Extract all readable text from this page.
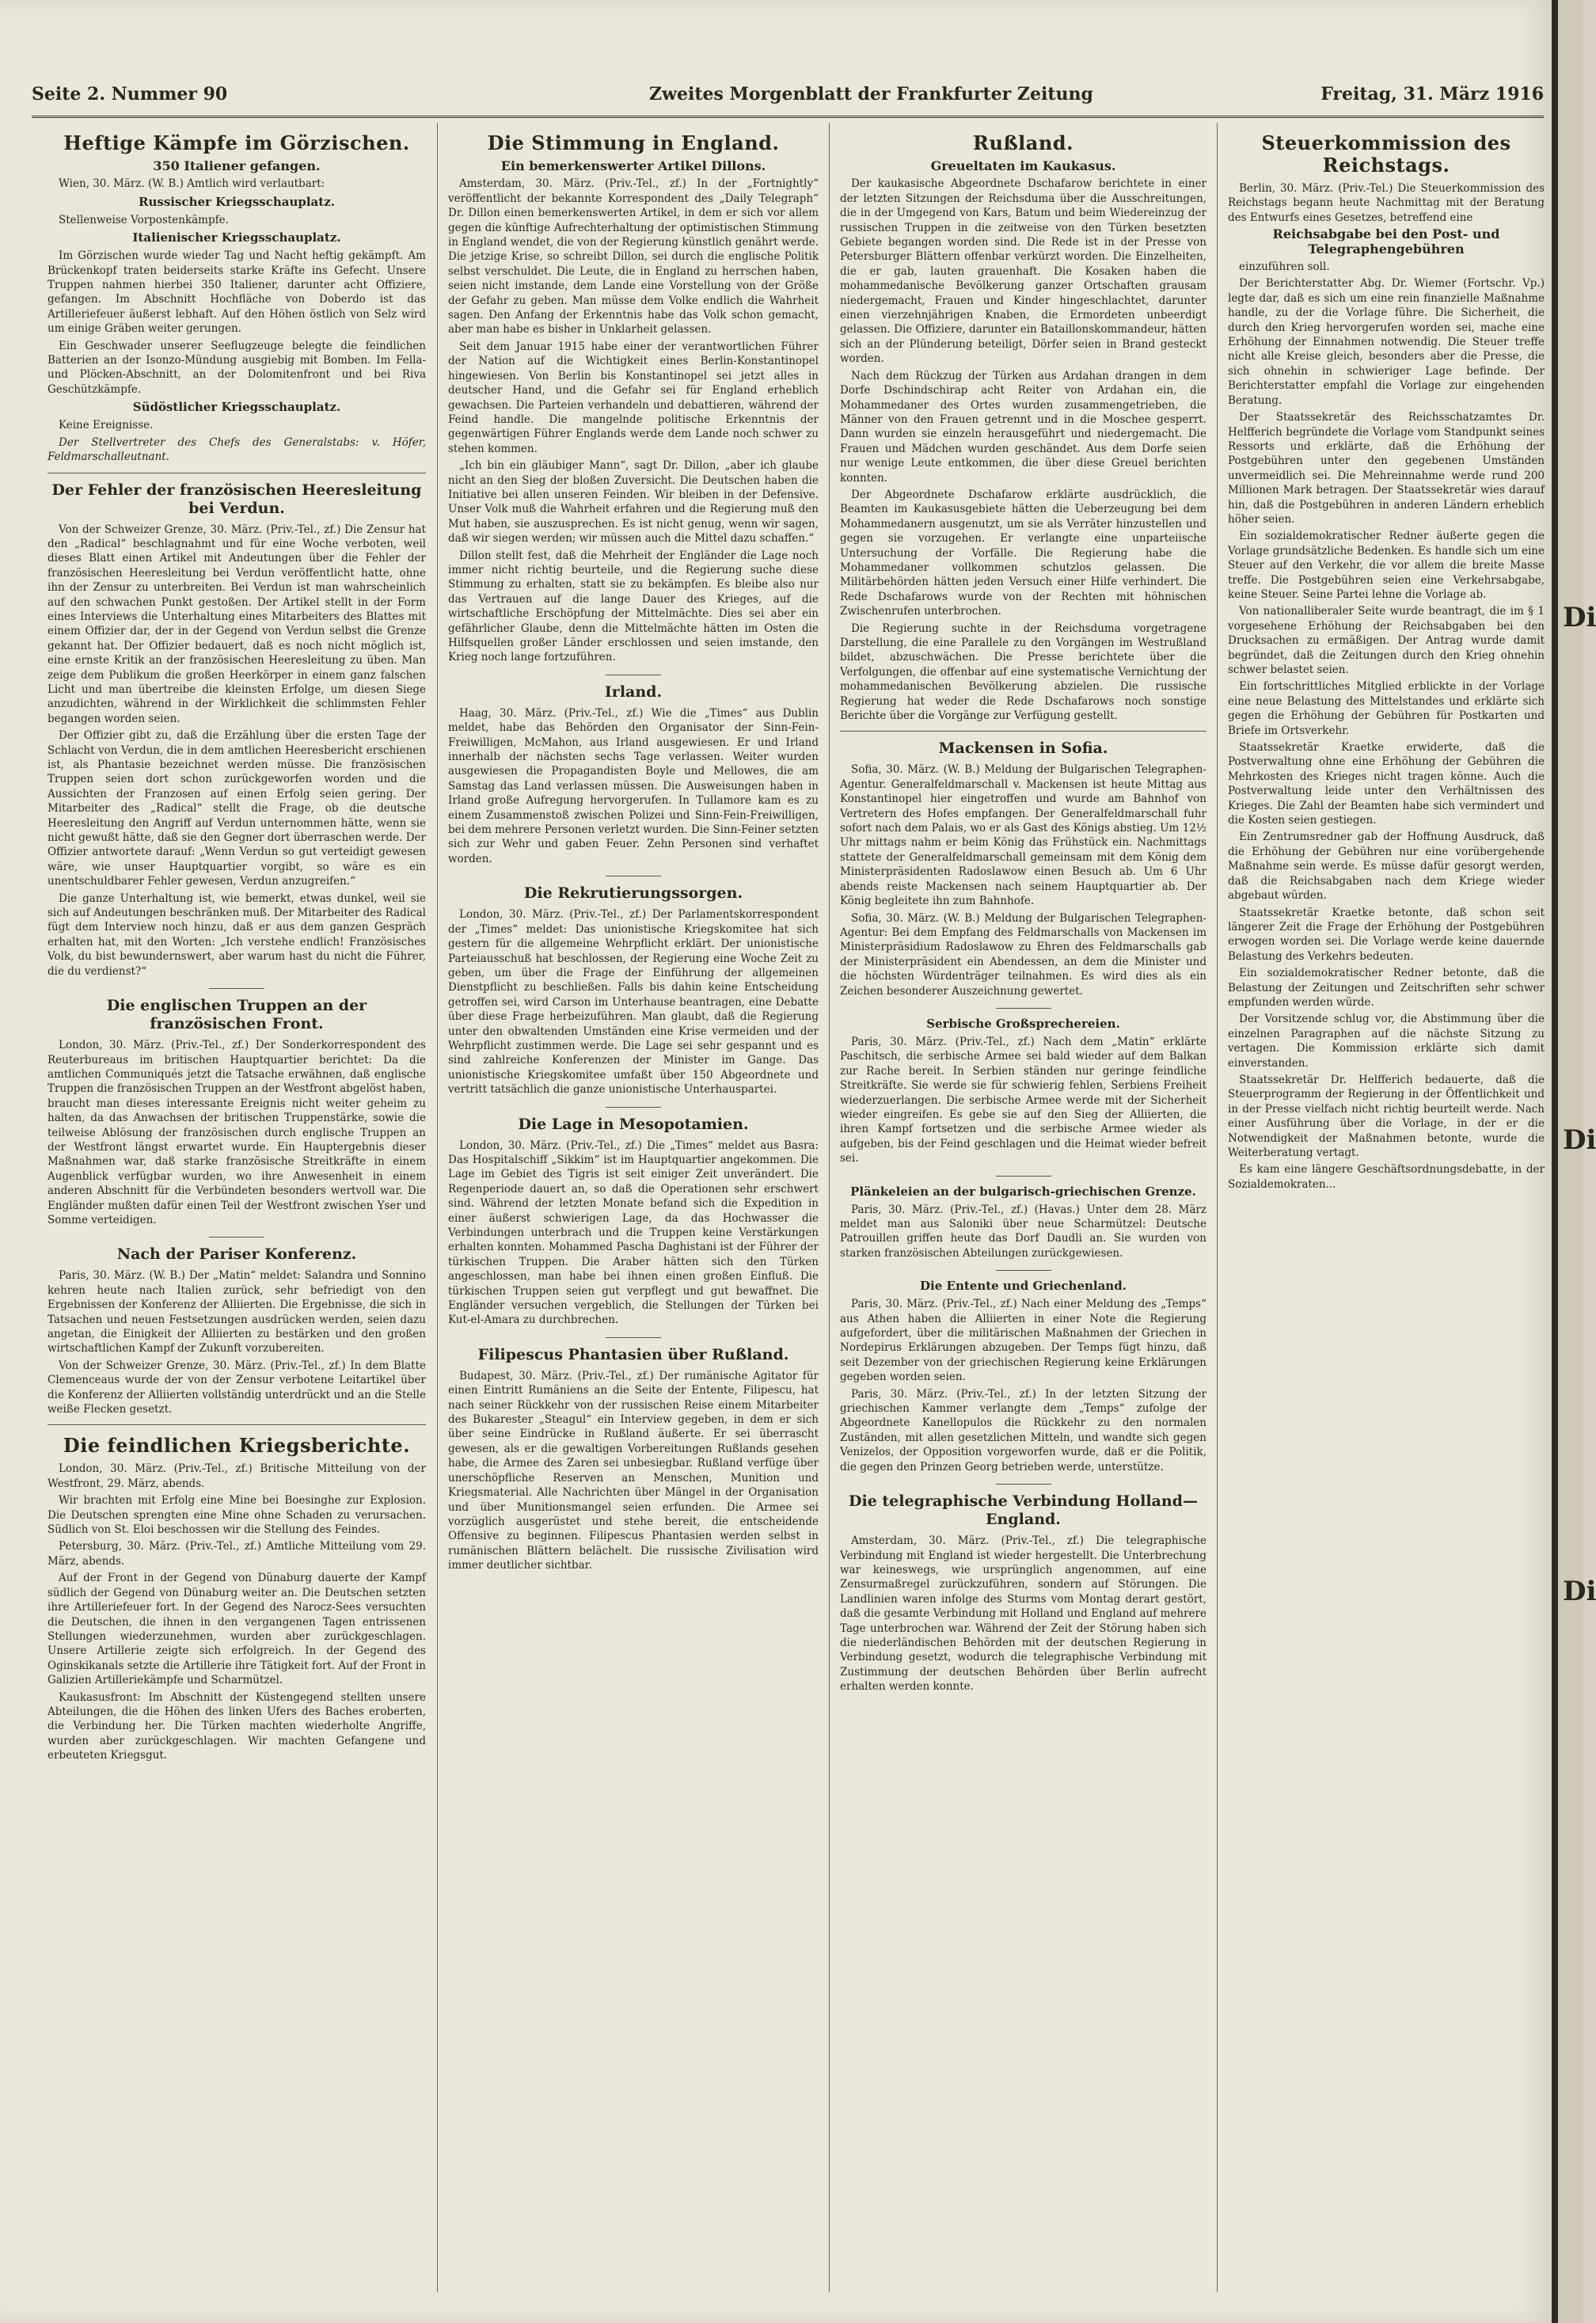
Seite 2. Nummer 90	Zweites Morgenblatt der Frankfurter Zeitung	Freitag, 31. März 1916
Heftige Kämpfe im Görzischen.
350 Italiener gefangen.

Wien, 30. März. (W. B.) Amtlich wird verlautbart:

Russischer Kriegsschauplatz.

Stellenweise Vorpostenkämpfe.

Italienischer Kriegsschauplatz.

Im Görzischen wurde wieder Tag und Nacht heftig gekämpft. Am Brückenkopf traten beiderseits starke Kräfte ins Gefecht. Unsere Truppen nahmen hierbei 350 Italiener, darunter acht Offiziere, gefangen. Im Abschnitt Hochfläche von Doberdo ist das Artilleriefeuer äußerst lebhaft. Auf den Höhen östlich von Selz wird um einige Gräben weiter gerungen.

Ein Geschwader unserer Seeflugzeuge belegte die feindlichen Batterien an der Isonzo-Mündung ausgiebig mit Bomben. Im Fella- und Plöcken-Abschnitt, an der Dolomitenfront und bei Riva Geschützkämpfe.

Südöstlicher Kriegsschauplatz.

Keine Ereignisse.

Der Stellvertreter des Chefs des Generalstabs: v. Höfer, Feldmarschalleutnant.

Der Fehler der französischen Heeresleitung bei Verdun.

Von der Schweizer Grenze, 30. März. (Priv.-Tel., zf.) Die Zensur hat den „Radical“ beschlagnahmt und für eine Woche verboten, weil dieses Blatt einen Artikel mit Andeutungen über die Fehler der französischen Heeresleitung bei Verdun veröffentlicht hatte, ohne ihn der Zensur zu unterbreiten. Bei Verdun ist man wahrscheinlich auf den schwachen Punkt gestoßen. Der Artikel stellt in der Form eines Interviews die Unterhaltung eines Mitarbeiters des Blattes mit einem Offizier dar, der in der Gegend von Verdun selbst die Grenze gekannt hat. Der Offizier bedauert, daß es noch nicht möglich ist, eine ernste Kritik an der französischen Heeresleitung zu üben. Man zeige dem Publikum die großen Heerkörper in einem ganz falschen Licht und man übertreibe die kleinsten Erfolge, um diesen Siege anzudichten, während in der Wirklichkeit die schlimmsten Fehler begangen worden seien.

Der Offizier gibt zu, daß die Erzählung über die ersten Tage der Schlacht von Verdun, die in dem amtlichen Heeresbericht erschienen ist, als Phantasie bezeichnet werden müsse. Die französischen Truppen seien dort schon zurückgeworfen worden und die Aussichten der Franzosen auf einen Erfolg seien gering. Der Mitarbeiter des „Radical“ stellt die Frage, ob die deutsche Heeresleitung den Angriff auf Verdun unternommen hätte, wenn sie nicht gewußt hätte, daß sie den Gegner dort überraschen werde. Der Offizier antwortete darauf: „Wenn Verdun so gut verteidigt gewesen wäre, wie unser Hauptquartier vorgibt, so wäre es ein unentschuldbarer Fehler gewesen, Verdun anzugreifen.“

Die ganze Unterhaltung ist, wie bemerkt, etwas dunkel, weil sie sich auf Andeutungen beschränken muß. Der Mitarbeiter des Radical fügt dem Interview noch hinzu, daß er aus dem ganzen Gespräch erhalten hat, mit den Worten: „Ich verstehe endlich! Französisches Volk, du bist bewundernswert, aber warum hast du nicht die Führer, die du verdienst?“

Die englischen Truppen an der französischen Front.

London, 30. März. (Priv.-Tel., zf.) Der Sonderkorrespondent des Reuterbureaus im britischen Hauptquartier berichtet: Da die amtlichen Communiqués jetzt die Tatsache erwähnen, daß englische Truppen die französischen Truppen an der Westfront abgelöst haben, braucht man dieses interessante Ereignis nicht weiter geheim zu halten, da das Anwachsen der britischen Truppenstärke, sowie die teilweise Ablösung der französischen durch englische Truppen an der Westfront längst erwartet wurde. Ein Hauptergebnis dieser Maßnahmen war, daß starke französische Streitkräfte in einem Augenblick verfügbar wurden, wo ihre Anwesenheit in einem anderen Abschnitt für die Verbündeten besonders wertvoll war. Die Engländer mußten dafür einen Teil der Westfront zwischen Yser und Somme verteidigen.

Nach der Pariser Konferenz.

Paris, 30. März. (W. B.) Der „Matin“ meldet: Salandra und Sonnino kehren heute nach Italien zurück, sehr befriedigt von den Ergebnissen der Konferenz der Alliierten. Die Ergebnisse, die sich in Tatsachen und neuen Festsetzungen ausdrücken werden, seien dazu angetan, die Einigkeit der Alliierten zu bestärken und den großen wirtschaftlichen Kampf der Zukunft vorzubereiten.

Von der Schweizer Grenze, 30. März. (Priv.-Tel., zf.) In dem Blatte Clemenceaus wurde der von der Zensur verbotene Leitartikel über die Konferenz der Alliierten vollständig unterdrückt und an die Stelle weiße Flecken gesetzt.

Die feindlichen Kriegsberichte.

London, 30. März. (Priv.-Tel., zf.) Britische Mitteilung von der Westfront, 29. März, abends.

Wir brachten mit Erfolg eine Mine bei Boesinghe zur Explosion. Die Deutschen sprengten eine Mine ohne Schaden zu verursachen. Südlich von St. Eloi beschossen wir die Stellung des Feindes.

Petersburg, 30. März. (Priv.-Tel., zf.) Amtliche Mitteilung vom 29. März, abends.

Auf der Front in der Gegend von Dünaburg dauerte der Kampf südlich der Gegend von Dünaburg weiter an. Die Deutschen setzten ihre Artilleriefeuer fort. In der Gegend des Narocz-Sees versuchten die Deutschen, die ihnen in den vergangenen Tagen entrissenen Stellungen wiederzunehmen, wurden aber zurückgeschlagen. Unsere Artillerie zeigte sich erfolgreich. In der Gegend des Oginskikanals setzte die Artillerie ihre Tätigkeit fort. Auf der Front in Galizien Artilleriekämpfe und Scharmützel.

Kaukasusfront: Im Abschnitt der Küstengegend stellten unsere Abteilungen, die die Höhen des linken Ufers des Baches eroberten, die Verbindung her. Die Türken machten wiederholte Angriffe, wurden aber zurückgeschlagen. Wir machten Gefangene und erbeuteten Kriegsgut.

Die Stimmung in England.
Ein bemerkenswerter Artikel Dillons.

Amsterdam, 30. März. (Priv.-Tel., zf.) In der „Fortnightly“ veröffentlicht der bekannte Korrespondent des „Daily Telegraph“ Dr. Dillon einen bemerkenswerten Artikel, in dem er sich vor allem gegen die künftige Aufrechterhaltung der optimistischen Stimmung in England wendet, die von der Regierung künstlich genährt werde. Die jetzige Krise, so schreibt Dillon, sei durch die englische Politik selbst verschuldet. Die Leute, die in England zu herrschen haben, seien nicht imstande, dem Lande eine Vorstellung von der Größe der Gefahr zu geben. Man müsse dem Volke endlich die Wahrheit sagen. Den Anfang der Erkenntnis habe das Volk schon gemacht, aber man habe es bisher in Unklarheit gelassen.

Seit dem Januar 1915 habe einer der verantwortlichen Führer der Nation auf die Wichtigkeit eines Berlin-Konstantinopel hingewiesen. Von Berlin bis Konstantinopel sei jetzt alles in deutscher Hand, und die Gefahr sei für England erheblich gewachsen. Die Parteien verhandeln und debattieren, während der Feind handle. Die mangelnde politische Erkenntnis der gegenwärtigen Führer Englands werde dem Lande noch schwer zu stehen kommen.

„Ich bin ein gläubiger Mann“, sagt Dr. Dillon, „aber ich glaube nicht an den Sieg der bloßen Zuversicht. Die Deutschen haben die Initiative bei allen unseren Feinden. Wir bleiben in der Defensive. Unser Volk muß die Wahrheit erfahren und die Regierung muß den Mut haben, sie auszusprechen. Es ist nicht genug, wenn wir sagen, daß wir siegen werden; wir müssen auch die Mittel dazu schaffen.“

Dillon stellt fest, daß die Mehrheit der Engländer die Lage noch immer nicht richtig beurteile, und die Regierung suche diese Stimmung zu erhalten, statt sie zu bekämpfen. Es bleibe also nur das Vertrauen auf die lange Dauer des Krieges, auf die wirtschaftliche Erschöpfung der Mittelmächte. Dies sei aber ein gefährlicher Glaube, denn die Mittelmächte hätten im Osten die Hilfsquellen großer Länder erschlossen und seien imstande, den Krieg noch lange fortzuführen.

Irland.

Haag, 30. März. (Priv.-Tel., zf.) Wie die „Times“ aus Dublin meldet, habe das Behörden den Organisator der Sinn-Fein-Freiwilligen, McMahon, aus Irland ausgewiesen. Er und Irland innerhalb der nächsten sechs Tage verlassen. Weiter wurden ausgewiesen die Propagandisten Boyle und Mellowes, die am Samstag das Land verlassen müssen. Die Ausweisungen haben in Irland große Aufregung hervorgerufen. In Tullamore kam es zu einem Zusammenstoß zwischen Polizei und Sinn-Fein-Freiwilligen, bei dem mehrere Personen verletzt wurden. Die Sinn-Feiner setzten sich zur Wehr und gaben Feuer. Zehn Personen sind verhaftet worden.

Die Rekrutierungssorgen.

London, 30. März. (Priv.-Tel., zf.) Der Parlamentskorrespondent der „Times“ meldet: Das unionistische Kriegskomitee hat sich gestern für die allgemeine Wehrpflicht erklärt. Der unionistische Parteiausschuß hat beschlossen, der Regierung eine Woche Zeit zu geben, um über die Frage der Einführung der allgemeinen Dienstpflicht zu beschließen. Falls bis dahin keine Entscheidung getroffen sei, wird Carson im Unterhause beantragen, eine Debatte über diese Frage herbeizuführen. Man glaubt, daß die Regierung unter den obwaltenden Umständen eine Krise vermeiden und der Wehrpflicht zustimmen werde. Die Lage sei sehr gespannt und es sind zahlreiche Konferenzen der Minister im Gange. Das unionistische Kriegskomitee umfaßt über 150 Abgeordnete und vertritt tatsächlich die ganze unionistische Unterhauspartei.

Die Lage in Mesopotamien.

London, 30. März. (Priv.-Tel., zf.) Die „Times“ meldet aus Basra: Das Hospitalschiff „Sikkim“ ist im Hauptquartier angekommen. Die Lage im Gebiet des Tigris ist seit einiger Zeit unverändert. Die Regenperiode dauert an, so daß die Operationen sehr erschwert sind. Während der letzten Monate befand sich die Expedition in einer äußerst schwierigen Lage, da das Hochwasser die Verbindungen unterbrach und die Truppen keine Verstärkungen erhalten konnten. Mohammed Pascha Daghistani ist der Führer der türkischen Truppen. Die Araber hätten sich den Türken angeschlossen, man habe bei ihnen einen großen Einfluß. Die türkischen Truppen seien gut verpflegt und gut bewaffnet. Die Engländer versuchen vergeblich, die Stellungen der Türken bei Kut-el-Amara zu durchbrechen.

Filipescus Phantasien über Rußland.

Budapest, 30. März. (Priv.-Tel., zf.) Der rumänische Agitator für einen Eintritt Rumäniens an die Seite der Entente, Filipescu, hat nach seiner Rückkehr von der russischen Reise einem Mitarbeiter des Bukarester „Steagul“ ein Interview gegeben, in dem er sich über seine Eindrücke in Rußland äußerte. Er sei überrascht gewesen, als er die gewaltigen Vorbereitungen Rußlands gesehen habe, die Armee des Zaren sei unbesiegbar. Rußland verfüge über unerschöpfliche Reserven an Menschen, Munition und Kriegsmaterial. Alle Nachrichten über Mängel in der Organisation und über Munitionsmangel seien erfunden. Die Armee sei vorzüglich ausgerüstet und stehe bereit, die entscheidende Offensive zu beginnen. Filipescus Phantasien werden selbst in rumänischen Blättern belächelt. Die russische Zivilisation wird immer deutlicher sichtbar.

Rußland.
Greueltaten im Kaukasus.

Der kaukasische Abgeordnete Dschafarow berichtete in einer der letzten Sitzungen der Reichsduma über die Ausschreitungen, die in der Umgegend von Kars, Batum und beim Wiedereinzug der russischen Truppen in die zeitweise von den Türken besetzten Gebiete begangen worden sind. Die Rede ist in der Presse von Petersburger Blättern offenbar verkürzt worden. Die Einzelheiten, die er gab, lauten grauenhaft. Die Kosaken haben die mohammedanische Bevölkerung ganzer Ortschaften grausam niedergemacht, Frauen und Kinder hingeschlachtet, darunter einen vierzehnjährigen Knaben, die Ermordeten unbeerdigt gelassen. Die Offiziere, darunter ein Bataillonskommandeur, hätten sich an der Plünderung beteiligt, Dörfer seien in Brand gesteckt worden.

Nach dem Rückzug der Türken aus Ardahan drangen in dem Dorfe Dschindschirap acht Reiter von Ardahan ein, die Mohammedaner des Ortes wurden zusammengetrieben, die Männer von den Frauen getrennt und in die Moschee gesperrt. Dann wurden sie einzeln herausgeführt und niedergemacht. Die Frauen und Mädchen wurden geschändet. Aus dem Dorfe seien nur wenige Leute entkommen, die über diese Greuel berichten konnten.

Der Abgeordnete Dschafarow erklärte ausdrücklich, die Beamten im Kaukasusgebiete hätten die Ueberzeugung bei dem Mohammedanern ausgenutzt, um sie als Verräter hinzustellen und gegen sie vorzugehen. Er verlangte eine unparteiische Untersuchung der Vorfälle. Die Regierung habe die Mohammedaner vollkommen schutzlos gelassen. Die Militärbehörden hätten jeden Versuch einer Hilfe verhindert. Die Rede Dschafarows wurde von der Rechten mit höhnischen Zwischenrufen unterbrochen.

Die Regierung suchte in der Reichsduma vorgetragene Darstellung, die eine Parallele zu den Vorgängen im Westrußland bildet, abzuschwächen. Die Presse berichtete über die Verfolgungen, die offenbar auf eine systematische Vernichtung der mohammedanischen Bevölkerung abzielen. Die russische Regierung hat weder die Rede Dschafarows noch sonstige Berichte über die Vorgänge zur Verfügung gestellt.

Mackensen in Sofia.

Sofia, 30. März. (W. B.) Meldung der Bulgarischen Telegraphen-Agentur. Generalfeldmarschall v. Mackensen ist heute Mittag aus Konstantinopel hier eingetroffen und wurde am Bahnhof von Vertretern des Hofes empfangen. Der Generalfeldmarschall fuhr sofort nach dem Palais, wo er als Gast des Königs abstieg. Um 12½ Uhr mittags nahm er beim König das Frühstück ein. Nachmittags stattete der Generalfeldmarschall gemeinsam mit dem König dem Ministerpräsidenten Radoslawow einen Besuch ab. Um 6 Uhr abends reiste Mackensen nach seinem Hauptquartier ab. Der König begleitete ihn zum Bahnhofe.

Sofia, 30. März. (W. B.) Meldung der Bulgarischen Telegraphen-Agentur: Bei dem Empfang des Feldmarschalls von Mackensen im Ministerpräsidium Radoslawow zu Ehren des Feldmarschalls gab der Ministerpräsident ein Abendessen, an dem die Minister und die höchsten Würdenträger teilnahmen. Es wird dies als ein Zeichen besonderer Auszeichnung gewertet.

Serbische Großsprechereien.

Paris, 30. März. (Priv.-Tel., zf.) Nach dem „Matin“ erklärte Paschitsch, die serbische Armee sei bald wieder auf dem Balkan zur Rache bereit. In Serbien ständen nur geringe feindliche Streitkräfte. Sie werde sie für schwierig fehlen, Serbiens Freiheit wiederzuerlangen. Die serbische Armee werde mit der Sicherheit wieder eingreifen. Es gebe sie auf den Sieg der Alliierten, die ihren Kampf fortsetzen und die serbische Armee wieder als aufgeben, bis der Feind geschlagen und die Heimat wieder befreit sei.

Plänkeleien an der bulgarisch-griechischen Grenze.

Paris, 30. März. (Priv.-Tel., zf.) (Havas.) Unter dem 28. März meldet man aus Saloniki über neue Scharmützel: Deutsche Patrouillen griffen heute das Dorf Daudli an. Sie wurden von starken französischen Abteilungen zurückgewiesen.

Die Entente und Griechenland.

Paris, 30. März. (Priv.-Tel., zf.) Nach einer Meldung des „Temps“ aus Athen haben die Alliierten in einer Note die Regierung aufgefordert, über die militärischen Maßnahmen der Griechen in Nordepirus Erklärungen abzugeben. Der Temps fügt hinzu, daß seit Dezember von der griechischen Regierung keine Erklärungen gegeben worden seien.

Paris, 30. März. (Priv.-Tel., zf.) In der letzten Sitzung der griechischen Kammer verlangte dem „Temps“ zufolge der Abgeordnete Kanellopulos die Rückkehr zu den normalen Zuständen, mit allen gesetzlichen Mitteln, und wandte sich gegen Venizelos, der Opposition vorgeworfen wurde, daß er die Politik, die gegen den Prinzen Georg betrieben werde, unterstütze.

Die telegraphische Verbindung Holland—England.

Amsterdam, 30. März. (Priv.-Tel., zf.) Die telegraphische Verbindung mit England ist wieder hergestellt. Die Unterbrechung war keineswegs, wie ursprünglich angenommen, auf eine Zensurmaßregel zurückzuführen, sondern auf Störungen. Die Landlinien waren infolge des Sturms vom Montag derart gestört, daß die gesamte Verbindung mit Holland und England auf mehrere Tage unterbrochen war. Während der Zeit der Störung haben sich die niederländischen Behörden mit der deutschen Regierung in Verbindung gesetzt, wodurch die telegraphische Verbindung mit Zustimmung der deutschen Behörden über Berlin aufrecht erhalten werden konnte.

Steuerkommission des Reichstags.

Berlin, 30. März. (Priv.-Tel.) Die Steuerkommission des Reichstags begann heute Nachmittag mit der Beratung des Entwurfs eines Gesetzes, betreffend eine

Reichsabgabe bei den Post- und Telegraphengebühren

einzuführen soll.

Der Berichterstatter Abg. Dr. Wiemer (Fortschr. Vp.) legte dar, daß es sich um eine rein finanzielle Maßnahme handle, zu der die Vorlage führe. Die Sicherheit, die durch den Krieg hervorgerufen worden sei, mache eine Erhöhung der Einnahmen notwendig. Die Steuer treffe nicht alle Kreise gleich, besonders aber die Presse, die sich ohnehin in schwieriger Lage befinde. Der Berichterstatter empfahl die Vorlage zur eingehenden Beratung.

Der Staatssekretär des Reichsschatzamtes Dr. Helfferich begründete die Vorlage vom Standpunkt seines Ressorts und erklärte, daß die Erhöhung der Postgebühren unter den gegebenen Umständen unvermeidlich sei. Die Mehreinnahme werde rund 200 Millionen Mark betragen. Der Staatssekretär wies darauf hin, daß die Postgebühren in anderen Ländern erheblich höher seien.

Ein sozialdemokratischer Redner äußerte gegen die Vorlage grundsätzliche Bedenken. Es handle sich um eine Steuer auf den Verkehr, die vor allem die breite Masse treffe. Die Postgebühren seien eine Verkehrsabgabe, keine Steuer. Seine Partei lehne die Vorlage ab.

Von nationalliberaler Seite wurde beantragt, die im § 1 vorgesehene Erhöhung der Reichsabgaben bei den Drucksachen zu ermäßigen. Der Antrag wurde damit begründet, daß die Zeitungen durch den Krieg ohnehin schwer belastet seien.

Ein fortschrittliches Mitglied erblickte in der Vorlage eine neue Belastung des Mittelstandes und erklärte sich gegen die Erhöhung der Gebühren für Postkarten und Briefe im Ortsverkehr.

Staatssekretär Kraetke erwiderte, daß die Postverwaltung ohne eine Erhöhung der Gebühren die Mehrkosten des Krieges nicht tragen könne. Auch die Postverwaltung leide unter den Verhältnissen des Krieges. Die Zahl der Beamten habe sich vermindert und die Kosten seien gestiegen.

Ein Zentrumsredner gab der Hoffnung Ausdruck, daß die Erhöhung der Gebühren nur eine vorübergehende Maßnahme sein werde. Es müsse dafür gesorgt werden, daß die Reichsabgaben nach dem Kriege wieder abgebaut würden.

Staatssekretär Kraetke betonte, daß schon seit längerer Zeit die Frage der Erhöhung der Postgebühren erwogen worden sei. Die Vorlage werde keine dauernde Belastung des Verkehrs bedeuten.

Ein sozialdemokratischer Redner betonte, daß die Belastung der Zeitungen und Zeitschriften sehr schwer empfunden werden würde.

Der Vorsitzende schlug vor, die Abstimmung über die einzelnen Paragraphen auf die nächste Sitzung zu vertagen. Die Kommission erklärte sich damit einverstanden.

Staatssekretär Dr. Helfferich bedauerte, daß die Steuerprogramm der Regierung in der Öffentlichkeit und in der Presse vielfach nicht richtig beurteilt werde. Nach einer Ausführung über die Vorlage, in der er die Notwendigkeit der Maßnahmen betonte, wurde die Weiterberatung vertagt.

Es kam eine längere Geschäftsordnungsdebatte, in der Sozialdemokraten...

Di
Di
Di
